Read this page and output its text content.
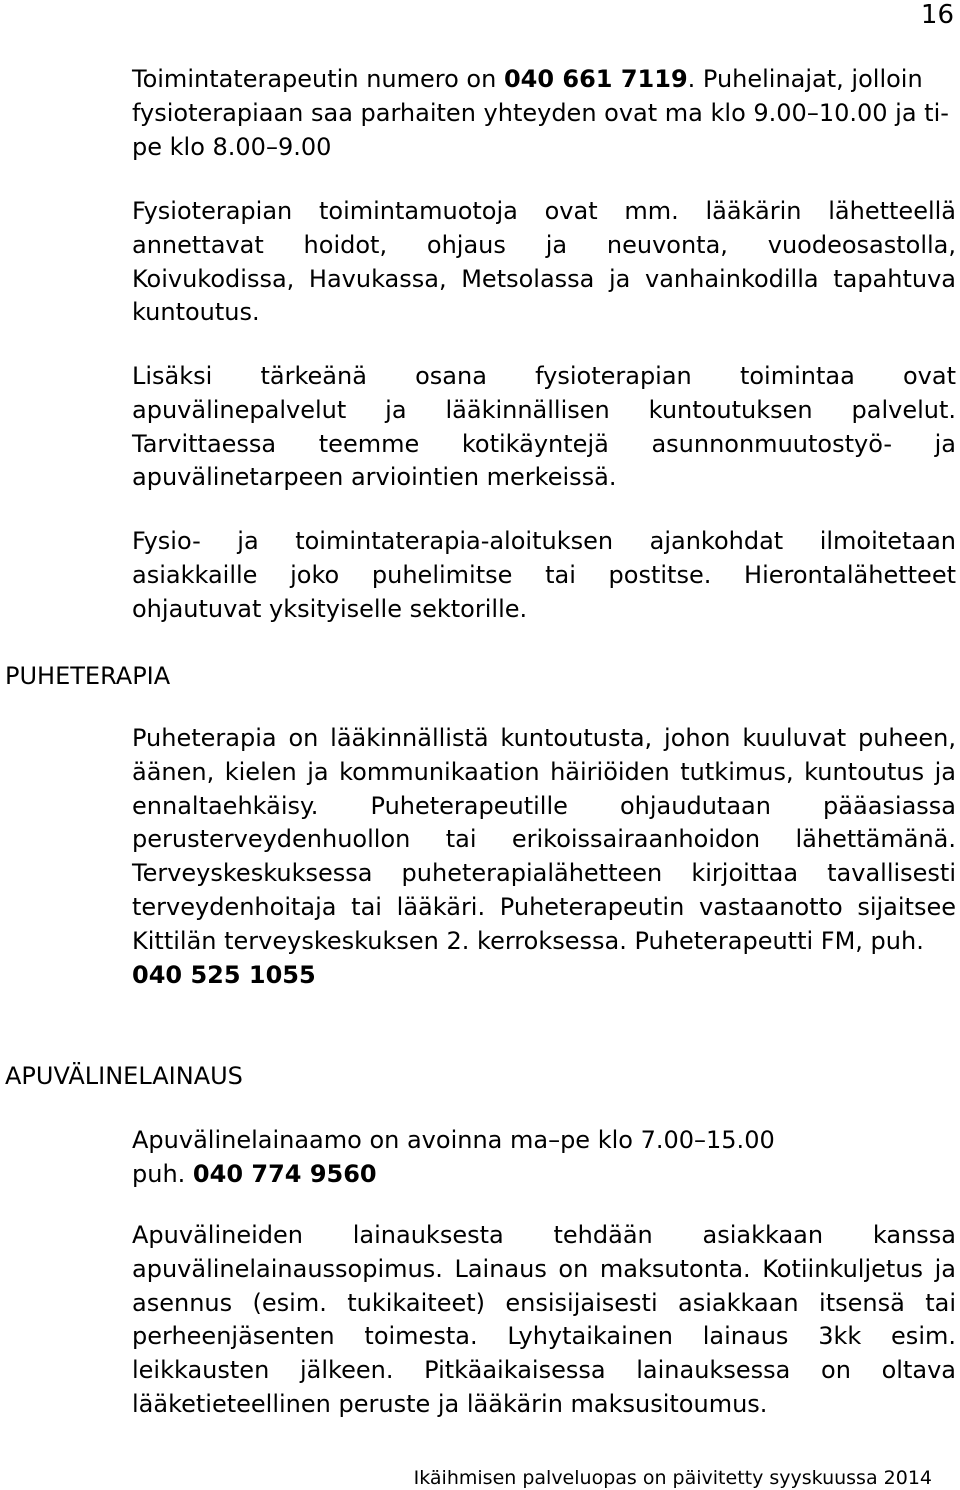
16

Toimintaterapeutin numero on 040 661 7119. Puhelinajat, jolloin fysioterapiaan saa parhaiten yhteyden ovat ma klo 9.00–10.00 ja ti-pe klo 8.00–9.00

Fysioterapian toimintamuotoja ovat mm. lääkärin lähetteellä annettavat hoidot, ohjaus ja neuvonta, vuodeosastolla, Koivukodissa, Havukassa, Metsolassa ja vanhainkodilla tapahtuva kuntoutus.

Lisäksi tärkeänä osana fysioterapian toimintaa ovat apuvälinepalvelut ja lääkinnällisen kuntoutuksen palvelut. Tarvittaessa teemme kotikäyntejä asunnonmuutostyö- ja apuvälinetarpeen arviointien merkeissä.

Fysio- ja toimintaterapia-aloituksen ajankohdat ilmoitetaan asiakkaille joko puhelimitse tai postitse. Hierontalähetteet ohjautuvat yksityiselle sektorille.

PUHETERAPIA

Puheterapia on lääkinnällistä kuntoutusta, johon kuuluvat puheen, äänen, kielen ja kommunikaation häiriöiden tutkimus, kuntoutus ja ennaltaehkäisy. Puheterapeutille ohjaudutaan pääasiassa perusterveydenhuollon tai erikoissairaanhoidon lähettämänä. Terveyskeskuksessa puheterapialähetteen kirjoittaa tavallisesti terveydenhoitaja tai lääkäri. Puheterapeutin vastaanotto sijaitsee Kittilän terveyskeskuksen 2. kerroksessa. Puheterapeutti FM, puh.
040 525 1055

APUVÄLINELAINAUS

Apuvälinelainaamo on avoinna ma–pe klo 7.00–15.00
puh. 040 774 9560

Apuvälineiden lainauksesta tehdään asiakkaan kanssa apuvälinelainaussopimus. Lainaus on maksutonta. Kotiinkuljetus ja asennus (esim. tukikaiteet) ensisijaisesti asiakkaan itsensä tai perheenjäsenten toimesta. Lyhytaikainen lainaus 3kk esim. leikkausten jälkeen. Pitkäaikaisessa lainauksessa on oltava lääketieteellinen peruste ja lääkärin maksusitoumus.

Ikäihmisen palveluopas on päivitetty syyskuussa 2014
